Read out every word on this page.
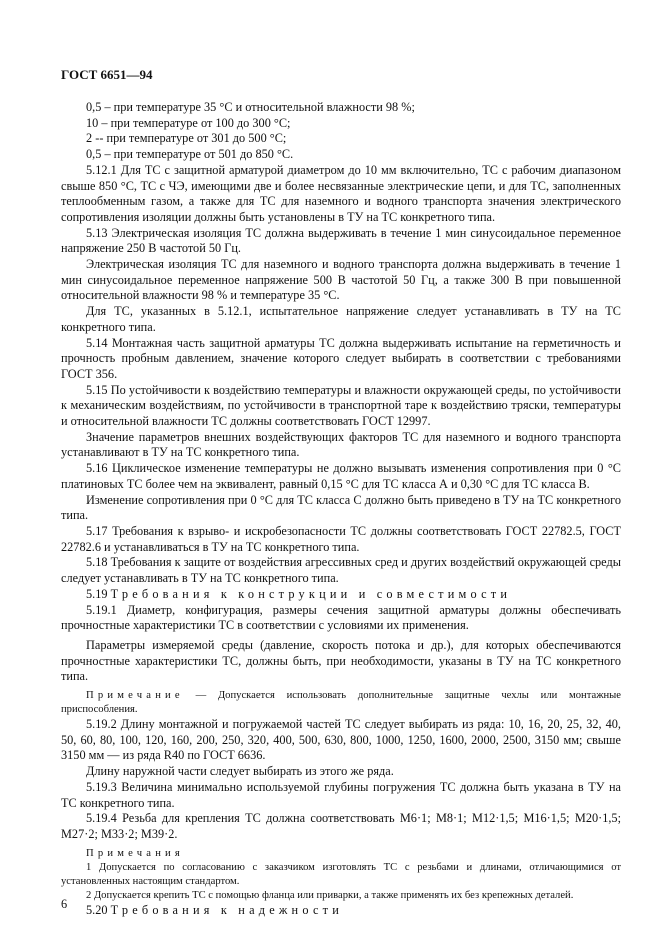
ГОСТ 6651—94

0,5 – при температуре 35 °С и относительной влажности 98 %;

10 – при температуре от 100 до 300 °С;

2 -- при температуре от 301 до 500 °С;

0,5 – при температуре от 501 до 850 °С.

5.12.1 Для ТС с защитной арматурой диаметром до 10 мм включительно, ТС с рабочим диапазоном свыше 850 °С, ТС с ЧЭ, имеющими две и более несвязанные электрические цепи, и для ТС, заполненных теплообменным газом, а также для ТС для наземного и водного транспорта значения электрического сопротивления изоляции должны быть установлены в ТУ на ТС конкретного типа.

5.13 Электрическая изоляция ТС должна выдерживать в течение 1 мин синусоидальное переменное напряжение 250 В частотой 50 Гц.

Электрическая изоляция ТС для наземного и водного транспорта должна выдерживать в течение 1 мин синусоидальное переменное напряжение 500 В частотой 50 Гц, а также 300 В при повышенной относительной влажности 98 % и температуре 35 °С.

Для ТС, указанных в 5.12.1, испытательное напряжение следует устанавливать в ТУ на ТС конкретного типа.

5.14 Монтажная часть защитной арматуры ТС должна выдерживать испытание на герметичность и прочность пробным давлением, значение которого следует выбирать в соответствии с требованиями ГОСТ 356.

5.15 По устойчивости к воздействию температуры и влажности окружающей среды, по устойчивости к механическим воздействиям, по устойчивости в транспортной таре к воздействию тряски, температуры и относительной влажности ТС должны соответствовать ГОСТ 12997.

Значение параметров внешних воздействующих факторов ТС для наземного и водного транспорта устанавливают в ТУ на ТС конкретного типа.

5.16 Циклическое изменение температуры не должно вызывать изменения сопротивления при 0 °С платиновых ТС более чем на эквивалент, равный 0,15 °С для ТС класса А и 0,30 °С для ТС класса В.

Изменение сопротивления при 0 °С для ТС класса С должно быть приведено в ТУ на ТС конкретного типа.

5.17 Требования к взрыво- и искробезопасности ТС должны соответствовать ГОСТ 22782.5, ГОСТ 22782.6 и устанавливаться в ТУ на ТС конкретного типа.

5.18 Требования к защите от воздействия агрессивных сред и других воздействий окружающей среды следует устанавливать в ТУ на ТС конкретного типа.

5.19 Требования к конструкции и совместимости

5.19.1 Диаметр, конфигурация, размеры сечения защитной арматуры должны обеспечивать прочностные характеристики ТС в соответствии с условиями их применения.

Параметры измеряемой среды (давление, скорость потока и др.), для которых обеспечиваются прочностные характеристики ТС, должны быть, при необходимости, указаны в ТУ на ТС конкретного типа.

Примечание — Допускается использовать дополнительные защитные чехлы или монтажные приспособления.

5.19.2 Длину монтажной и погружаемой частей ТС следует выбирать из ряда: 10, 16, 20, 25, 32, 40, 50, 60, 80, 100, 120, 160, 200, 250, 320, 400, 500, 630, 800, 1000, 1250, 1600, 2000, 2500, 3150 мм; свыше 3150 мм — из ряда R40 по ГОСТ 6636.

Длину наружной части следует выбирать из этого же ряда.

5.19.3 Величина минимально используемой глубины погружения ТС должна быть указана в ТУ на ТС конкретного типа.

5.19.4 Резьба для крепления ТС должна соответствовать М6·1; М8·1; М12·1,5; М16·1,5; М20·1,5; М27·2; М33·2; М39·2.

Примечания

1 Допускается по согласованию с заказчиком изготовлять ТС с резьбами и длинами, отличающимися от установленных настоящим стандартом.

2 Допускается крепить ТС с помощью фланца или приварки, а также применять их без крепежных деталей.

5.20 Требования к надежности

6
